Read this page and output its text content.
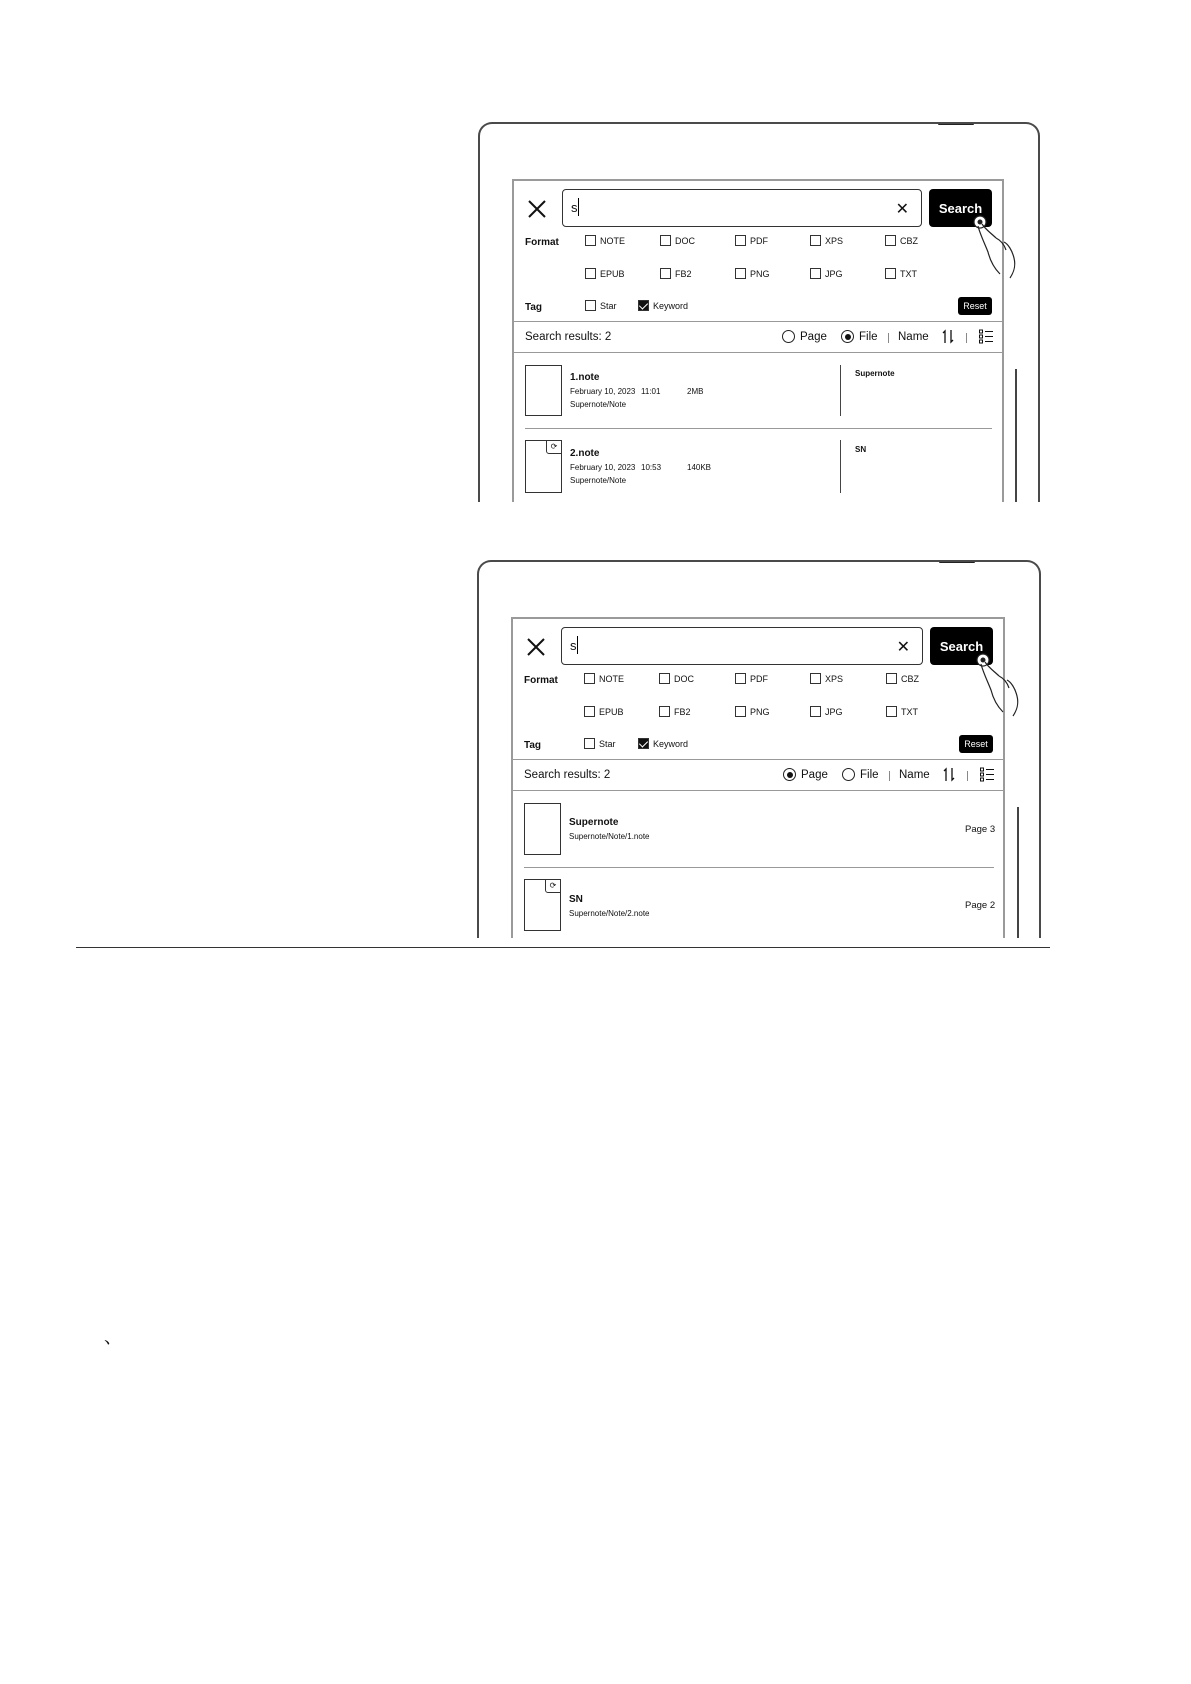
s	✕	Search
Format	NOTE	DOC	PDF	XPS	CBZ
EPUB	FB2	PNG	JPG	TXT
Tag	Star	Keyword	Reset
Search results: 2	Page	File Name
1.note
February 10, 2023 11:01	2MB
Supernote/Note
Supernote
⟳
2.note
February 10, 2023 10:53	140KB
Supernote/Note
SN
s	✕	Search
Format	NOTE	DOC	PDF	XPS	CBZ
EPUB	FB2	PNG	JPG	TXT
Tag	Star	Keyword	Reset
Search results: 2	Page	File Name
Supernote
Supernote/Note/1.note
Page 3
⟳
SN
Supernote/Note/2.note
Page 2
、
